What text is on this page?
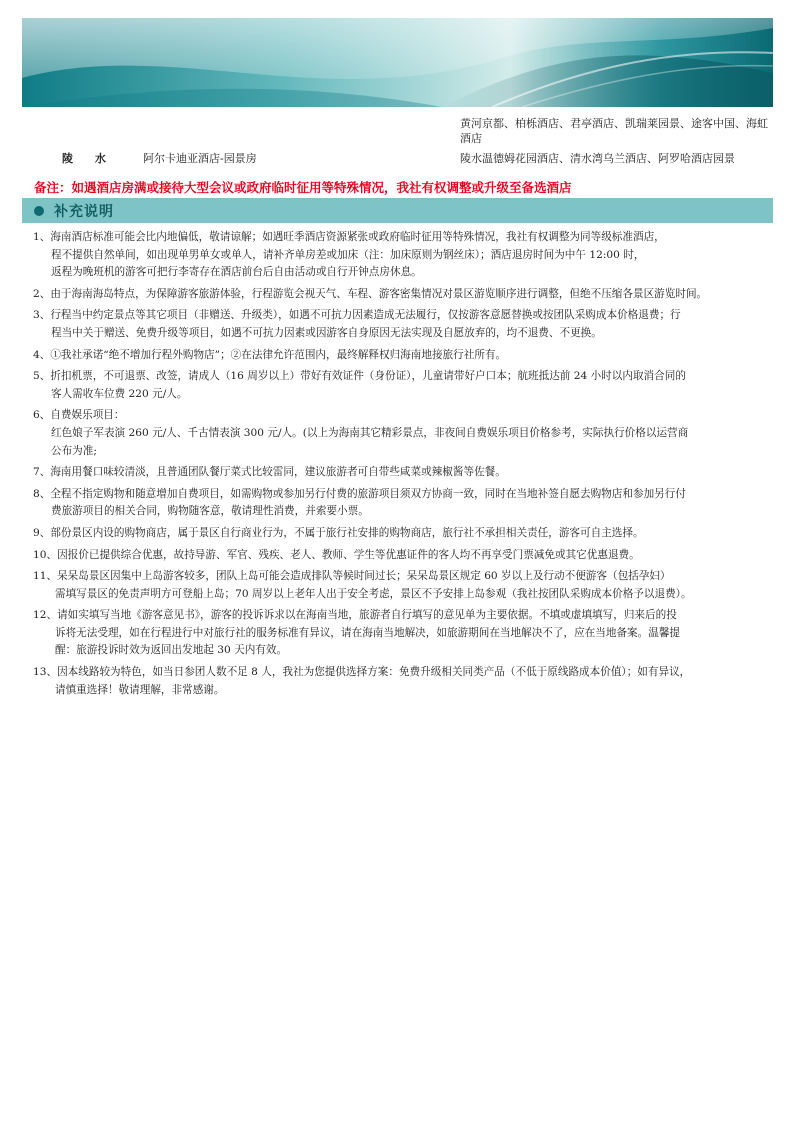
黄河京都、柏栎酒店、君亭酒店、凯瑞莱园景、途客中国、海虹酒店
陵 水	阿尔卡迪亚酒店-园景房	陵水温德姆花园酒店、清水湾乌兰酒店、阿罗哈酒店园景
备注：如遇酒店房满或接待大型会议或政府临时征用等特殊情况，我社有权调整或升级至备选酒店
补充说明
1、海南酒店标准可能会比内地偏低，敬请谅解；如遇旺季酒店资源紧张或政府临时征用等特殊情况，我社有权调整为同等级标准酒店，
程不提供自然单间，如出现单男单女或单人，请补齐单房差或加床（注：加床原则为钢丝床）；酒店退房时间为中午 12:00 时，
返程为晚班机的游客可把行李寄存在酒店前台后自由活动或自行开钟点房休息。
2、由于海南海岛特点，为保障游客旅游体验，行程游览会视天气、车程、游客密集情况对景区游览顺序进行调整，但绝不压缩各景区游览时间。
3、行程当中约定景点等其它项目（非赠送、升级类），如遇不可抗力因素造成无法履行，仅按游客意愿替换或按团队采购成本价格退费；行
程当中关于赠送、免费升级等项目，如遇不可抗力因素或因游客自身原因无法实现及自愿放弃的，均不退费、不更换。
4、①我社承诺“绝不增加行程外购物店”；②在法律允许范围内，最终解释权归海南地接旅行社所有。
5、折扣机票，不可退票、改签，请成人（16 周岁以上）带好有效证件（身份证），儿童请带好户口本；航班抵达前 24 小时以内取消合同的
客人需收车位费 220 元/人。
6、自费娱乐项目：
红色娘子军表演 260 元/人、千古情表演 300 元/人。(以上为海南其它精彩景点，非夜间自费娱乐项目价格参考，实际执行价格以运营商
公布为准;
7、海南用餐口味较清淡，且普通团队餐厅菜式比较雷同，建议旅游者可自带些咸菜或辣椒酱等佐餐。
8、全程不指定购物和随意增加自费项目，如需购物或参加另行付费的旅游项目须双方协商一致，同时在当地补签自愿去购物店和参加另行付
费旅游项目的相关合同，购物随客意，敬请理性消费，并索要小票。
9、部份景区内设的购物商店，属于景区自行商业行为，不属于旅行社安排的购物商店，旅行社不承担相关责任，游客可自主选择。
10、因报价已提供综合优惠，故持导游、军官、残疾、老人、教师、学生等优惠证件的客人均不再享受门票减免或其它优惠退费。
11、呆呆岛景区因集中上岛游客较多，团队上岛可能会造成排队等候时间过长；呆呆岛景区规定 60 岁以上及行动不便游客（包括孕妇）
需填写景区的免责声明方可登船上岛；70 周岁以上老年人出于安全考虑，景区不予安排上岛参观（我社按团队采购成本价格予以退费）。
12、请如实填写当地《游客意见书》，游客的投诉诉求以在海南当地，旅游者自行填写的意见单为主要依据。不填或虚填填写，归来后的投
诉将无法受理，如在行程进行中对旅行社的服务标准有异议，请在海南当地解决，如旅游期间在当地解决不了，应在当地备案。温馨提
醒：旅游投诉时效为返回出发地起 30 天内有效。
13、因本线路较为特色，如当日参团人数不足 8 人，我社为您提供选择方案：免费升级相关同类产品（不低于原线路成本价值）；如有异议，
请慎重选择！敬请理解，非常感谢。
